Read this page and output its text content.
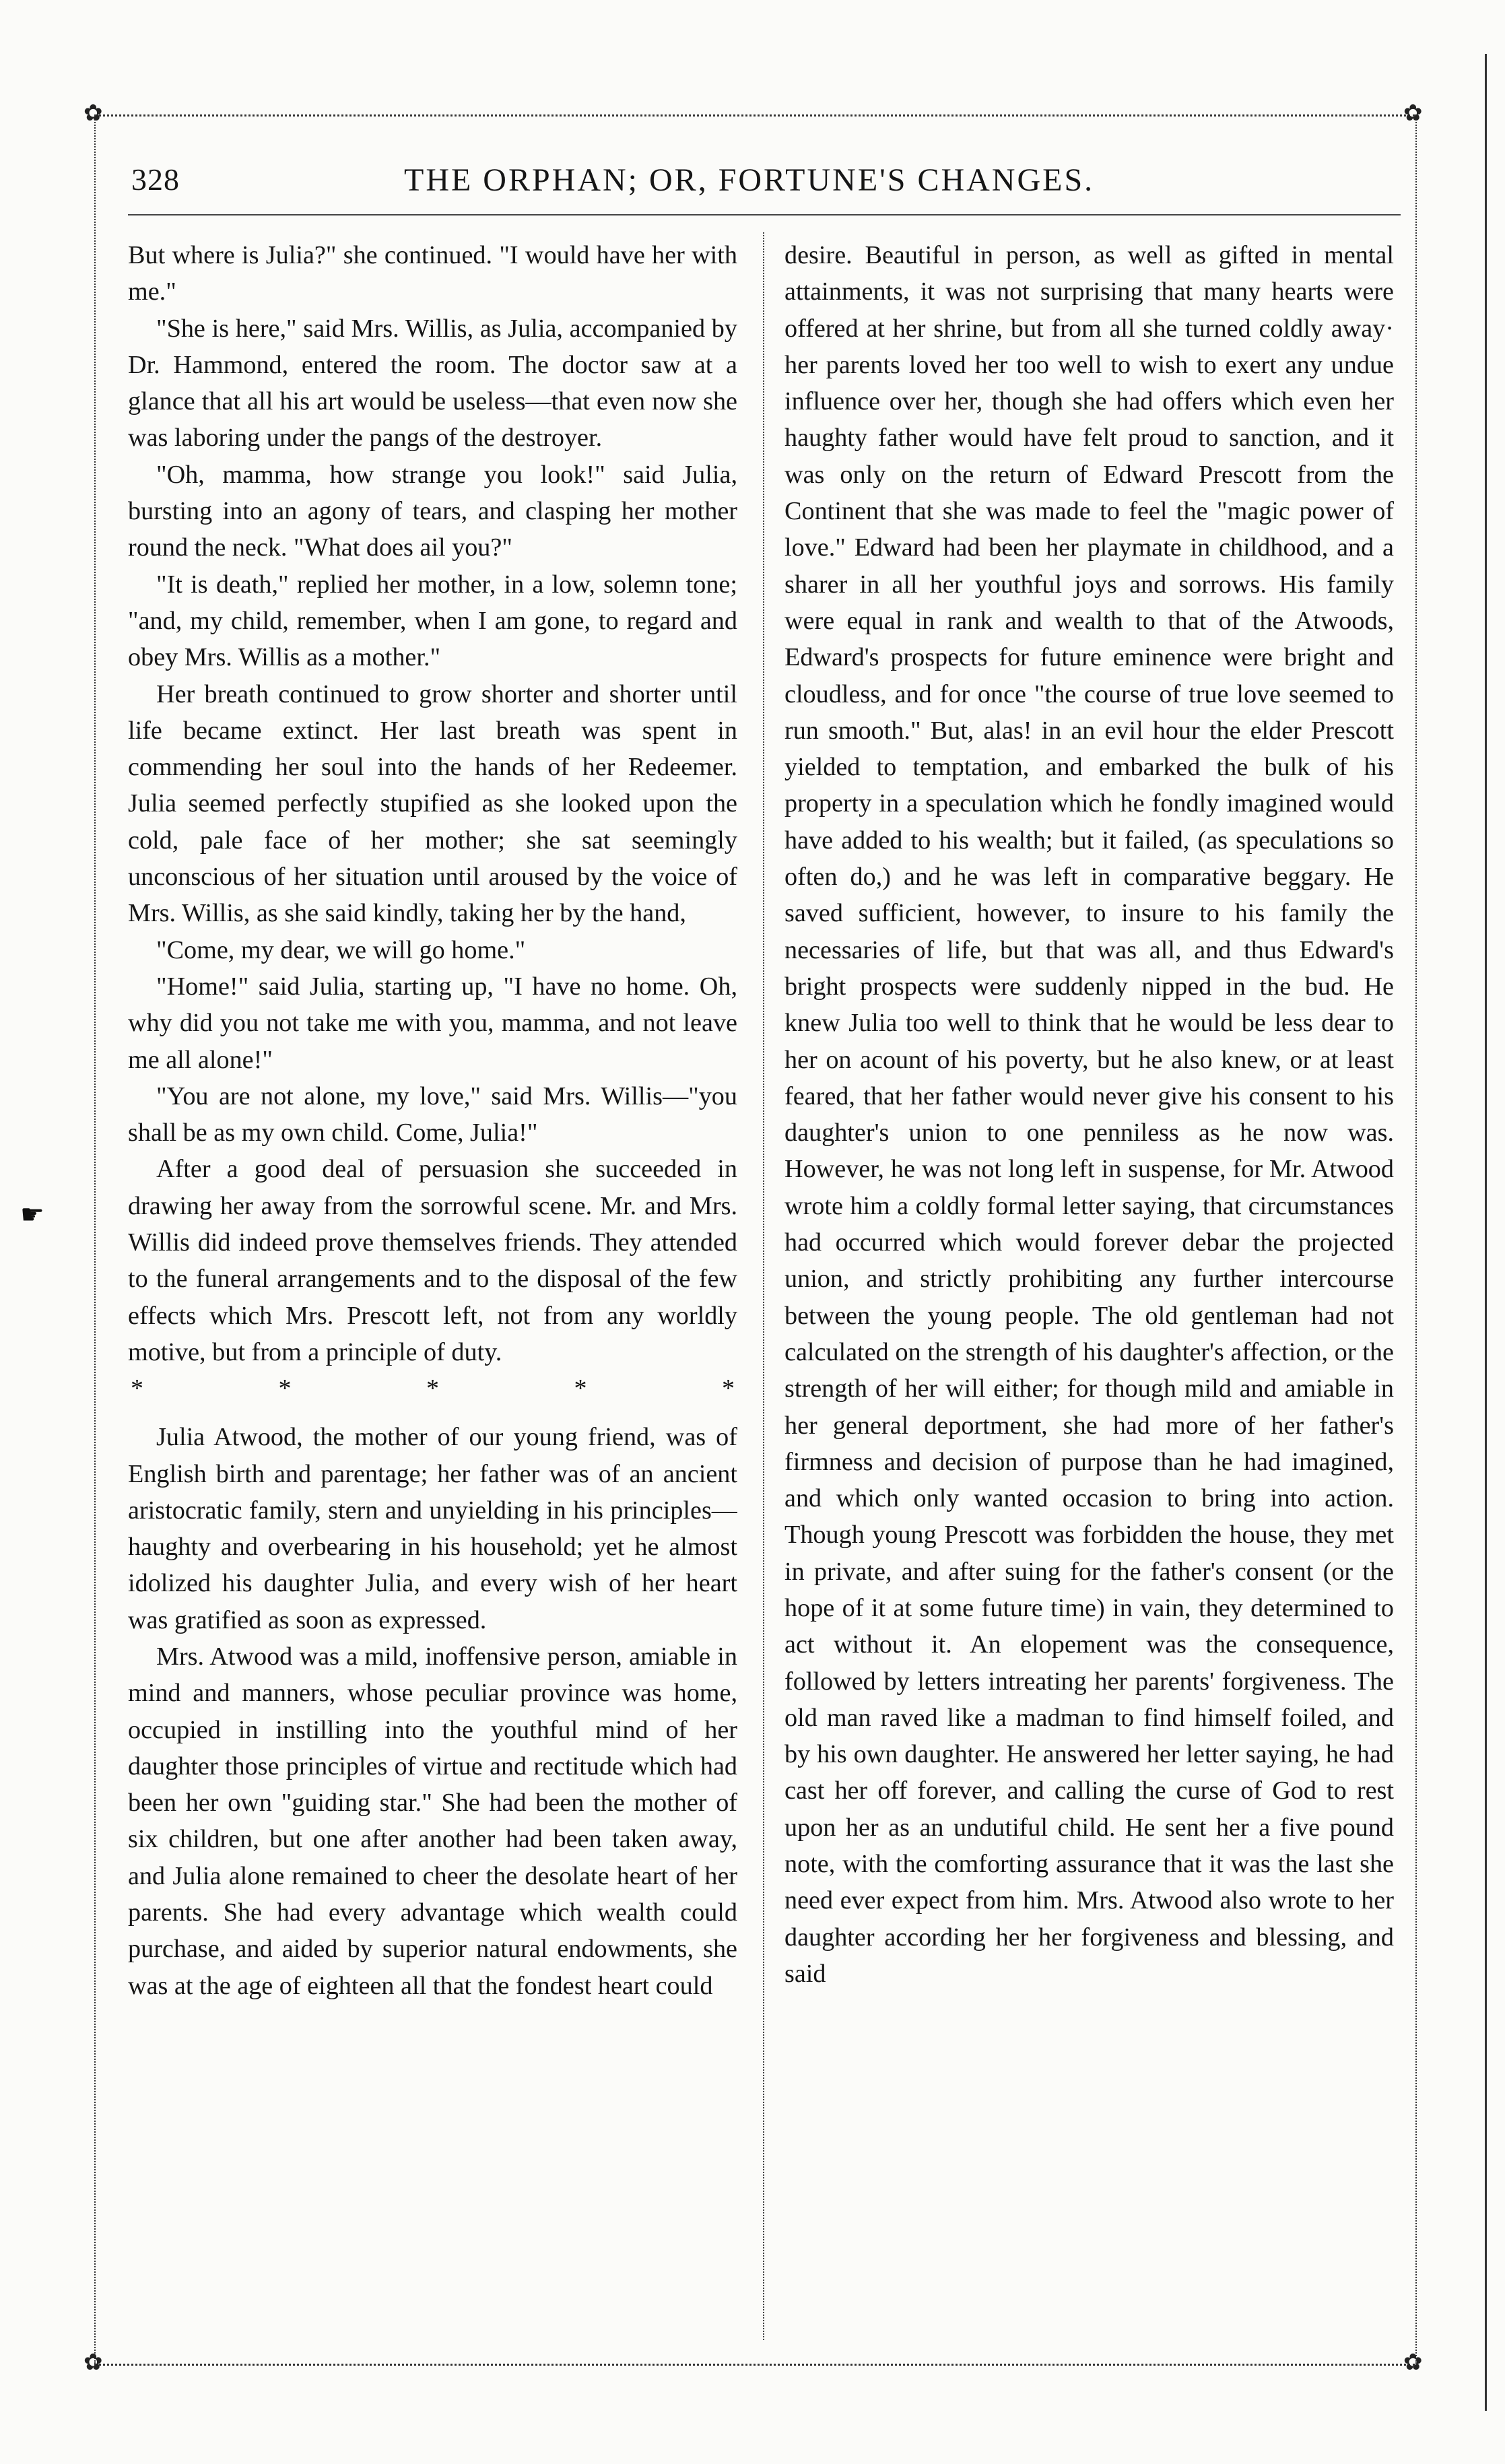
✿	✿
✿	✿
☛
328	THE ORPHAN; OR, FORTUNE'S CHANGES.

But where is Julia?" she continued. "I would have her with me."

"She is here," said Mrs. Willis, as Julia, accompanied by Dr. Hammond, entered the room. The doctor saw at a glance that all his art would be useless—that even now she was laboring under the pangs of the destroyer.

"Oh, mamma, how strange you look!" said Julia, bursting into an agony of tears, and clasping her mother round the neck. "What does ail you?"

"It is death," replied her mother, in a low, solemn tone; "and, my child, remember, when I am gone, to regard and obey Mrs. Willis as a mother."

Her breath continued to grow shorter and shorter until life became extinct. Her last breath was spent in commending her soul into the hands of her Redeemer. Julia seemed perfectly stupified as she looked upon the cold, pale face of her mother; she sat seemingly unconscious of her situation until aroused by the voice of Mrs. Willis, as she said kindly, taking her by the hand,

"Come, my dear, we will go home."

"Home!" said Julia, starting up, "I have no home. Oh, why did you not take me with you, mamma, and not leave me all alone!"

"You are not alone, my love," said Mrs. Willis—"you shall be as my own child. Come, Julia!"

After a good deal of persuasion she succeeded in drawing her away from the sorrowful scene. Mr. and Mrs. Willis did indeed prove themselves friends. They attended to the funeral arrangements and to the disposal of the few effects which Mrs. Prescott left, not from any worldly motive, but from a principle of duty.

*	*	*	*	*

Julia Atwood, the mother of our young friend, was of English birth and parentage; her father was of an ancient aristocratic family, stern and unyielding in his principles—haughty and overbearing in his household; yet he almost idolized his daughter Julia, and every wish of her heart was gratified as soon as expressed.

Mrs. Atwood was a mild, inoffensive person, amiable in mind and manners, whose peculiar province was home, occupied in instilling into the youthful mind of her daughter those principles of virtue and rectitude which had been her own "guiding star." She had been the mother of six children, but one after another had been taken away, and Julia alone remained to cheer the desolate heart of her parents. She had every advantage which wealth could purchase, and aided by superior natural endowments, she was at the age of eighteen all that the fondest heart could

desire. Beautiful in person, as well as gifted in mental attainments, it was not surprising that many hearts were offered at her shrine, but from all she turned coldly away· her parents loved her too well to wish to exert any undue influence over her, though she had offers which even her haughty father would have felt proud to sanction, and it was only on the return of Edward Prescott from the Continent that she was made to feel the "magic power of love." Edward had been her playmate in childhood, and a sharer in all her youthful joys and sorrows. His family were equal in rank and wealth to that of the Atwoods, Edward's prospects for future eminence were bright and cloudless, and for once "the course of true love seemed to run smooth." But, alas! in an evil hour the elder Prescott yielded to temptation, and embarked the bulk of his property in a speculation which he fondly imagined would have added to his wealth; but it failed, (as speculations so often do,) and he was left in comparative beggary. He saved sufficient, however, to insure to his family the necessaries of life, but that was all, and thus Edward's bright prospects were suddenly nipped in the bud. He knew Julia too well to think that he would be less dear to her on acount of his poverty, but he also knew, or at least feared, that her father would never give his consent to his daughter's union to one penniless as he now was. However, he was not long left in suspense, for Mr. Atwood wrote him a coldly formal letter saying, that circumstances had occurred which would forever debar the projected union, and strictly prohibiting any further intercourse between the young people. The old gentleman had not calculated on the strength of his daughter's affection, or the strength of her will either; for though mild and amiable in her general deportment, she had more of her father's firmness and decision of purpose than he had imagined, and which only wanted occasion to bring into action. Though young Prescott was forbidden the house, they met in private, and after suing for the father's consent (or the hope of it at some future time) in vain, they determined to act without it. An elopement was the consequence, followed by letters intreating her parents' forgiveness. The old man raved like a madman to find himself foiled, and by his own daughter. He answered her letter saying, he had cast her off forever, and calling the curse of God to rest upon her as an undutiful child. He sent her a five pound note, with the comforting assurance that it was the last she need ever expect from him. Mrs. Atwood also wrote to her daughter according her her forgiveness and blessing, and said
